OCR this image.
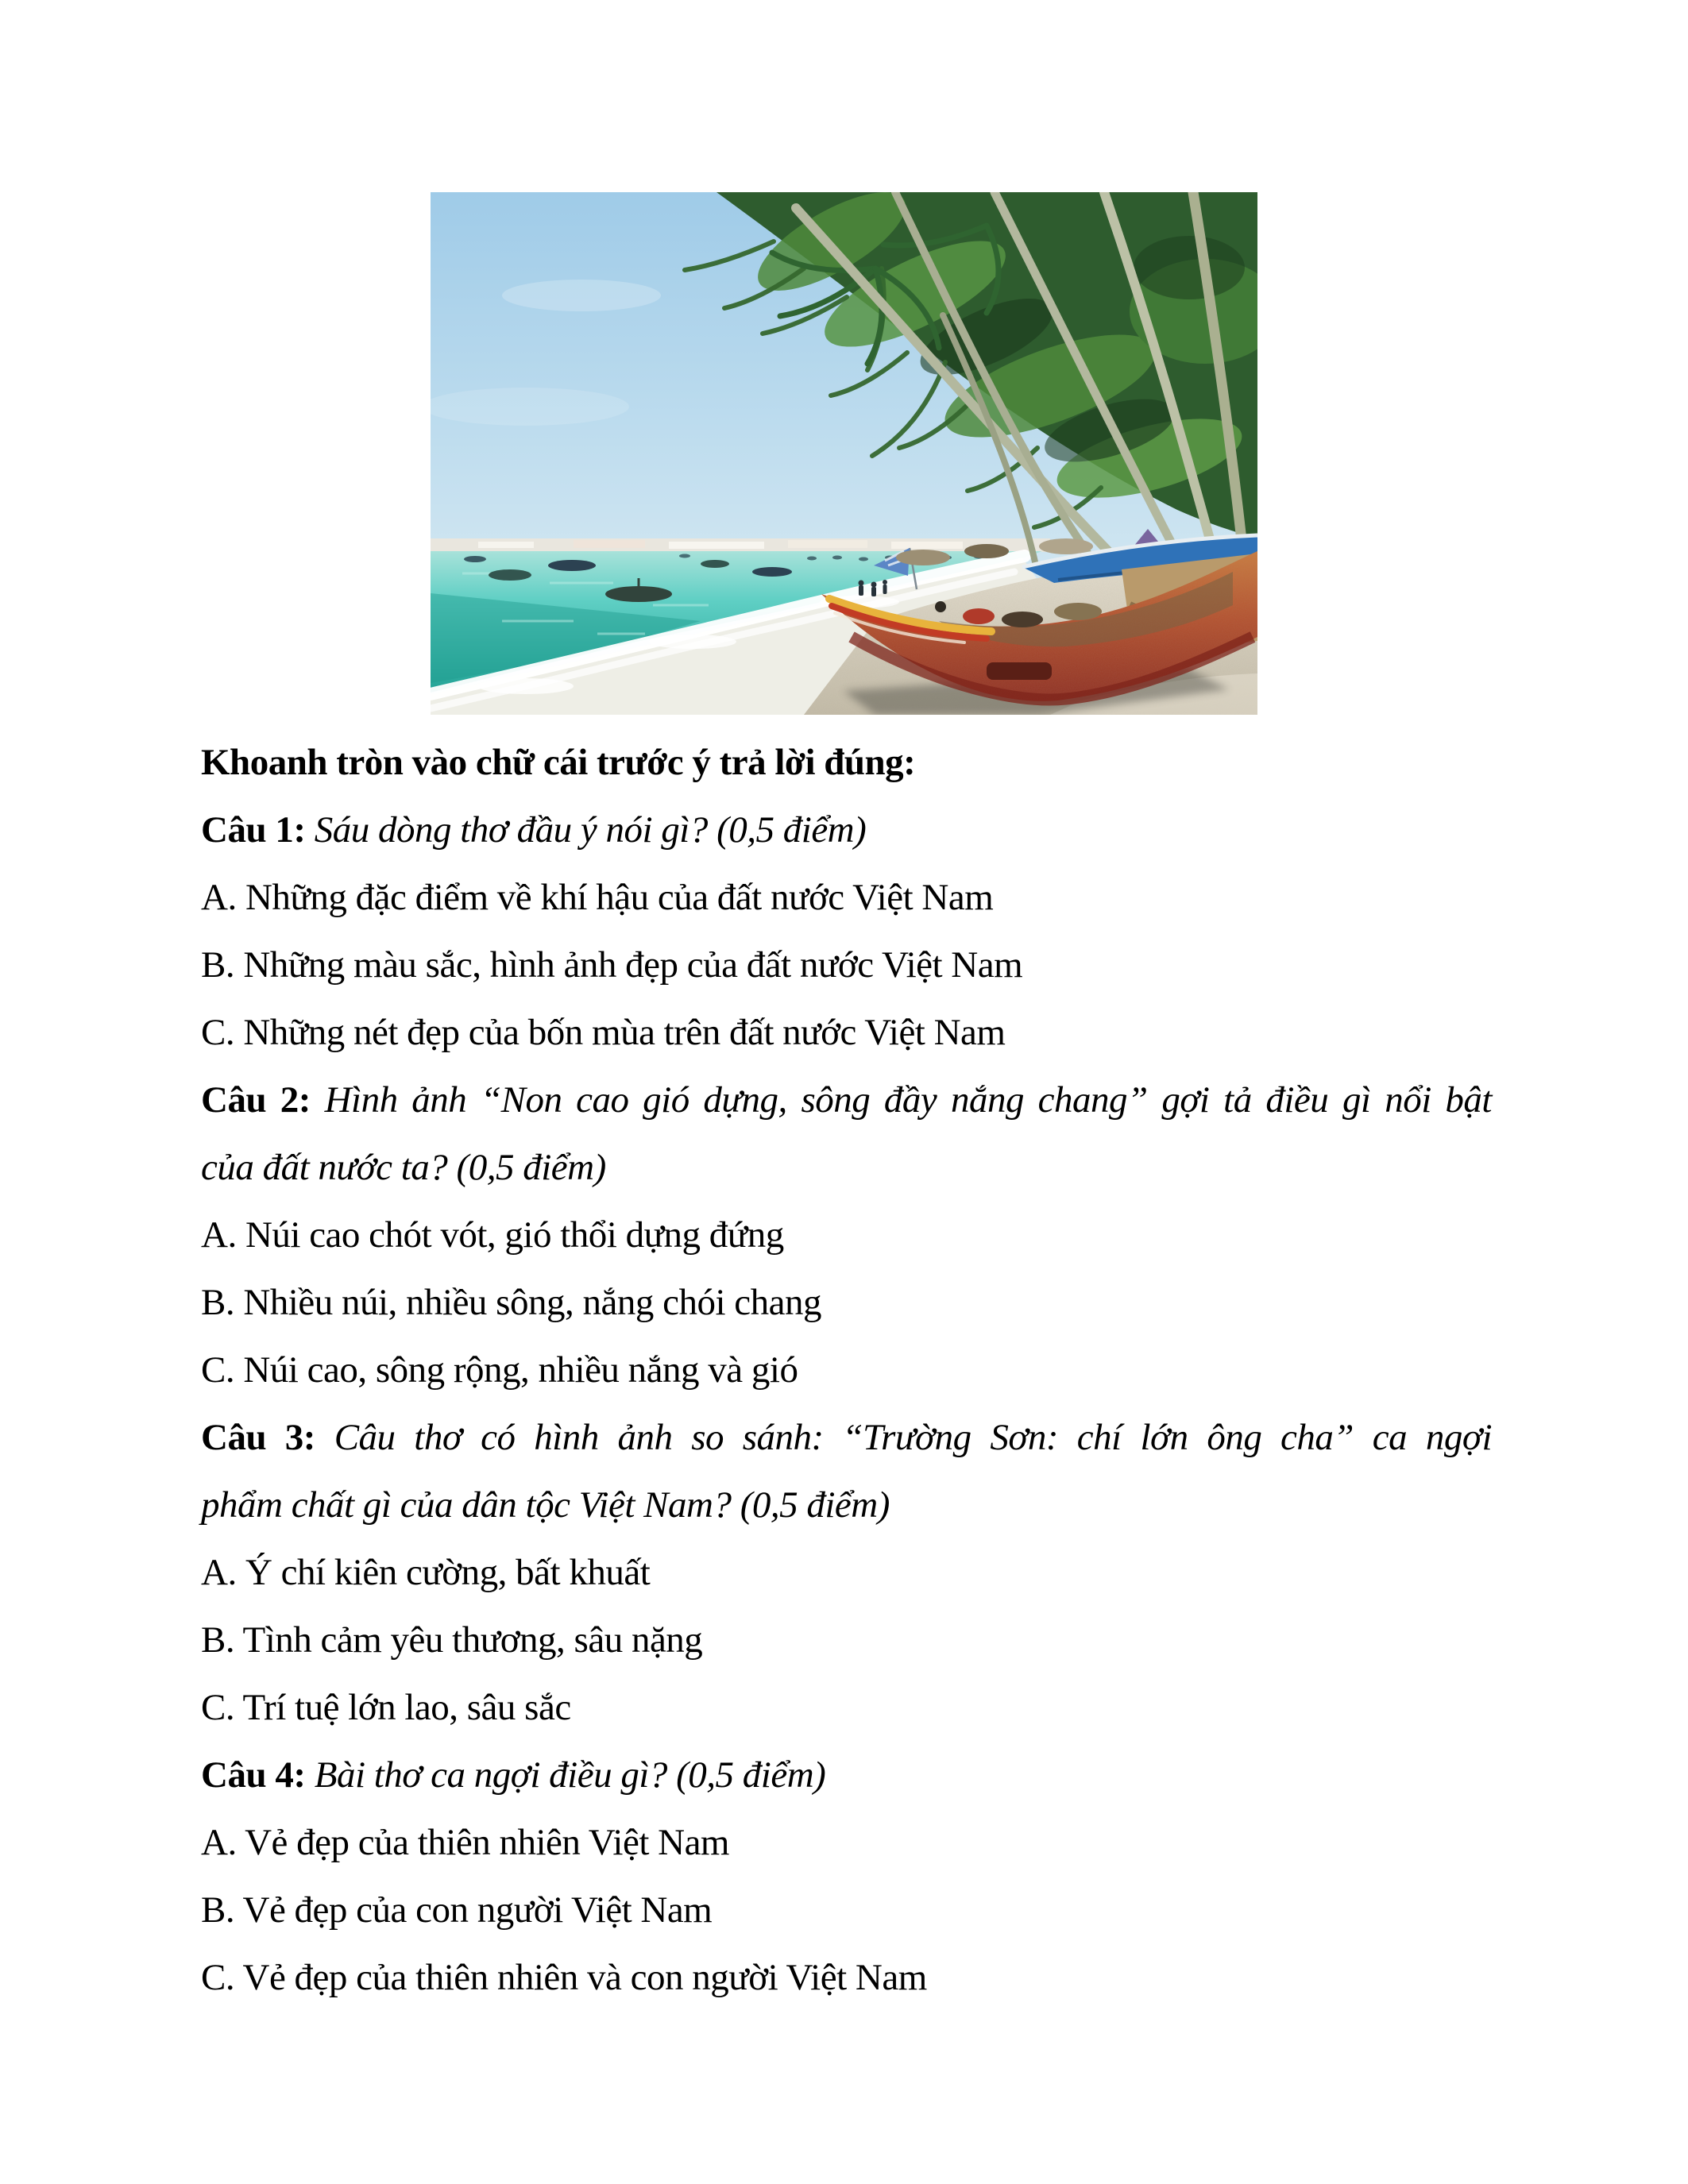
Khoanh tròn vào chữ cái trước ý trả lời đúng:
Câu 1: Sáu dòng thơ đầu ý nói gì? (0,5 điểm)
A. Những đặc điểm về khí hậu của đất nước Việt Nam
B. Những màu sắc, hình ảnh đẹp của đất nước Việt Nam
C. Những nét đẹp của bốn mùa trên đất nước Việt Nam
Câu 2: Hình ảnh “Non cao gió dựng, sông đầy nắng chang” gợi tả điều gì nổi bật
của đất nước ta? (0,5 điểm)
A. Núi cao chót vót, gió thổi dựng đứng
B. Nhiều núi, nhiều sông, nắng chói chang
C. Núi cao, sông rộng, nhiều nắng và gió
Câu 3: Câu thơ có hình ảnh so sánh: “Trường Sơn: chí lớn ông cha” ca ngợi
phẩm chất gì của dân tộc Việt Nam? (0,5 điểm)
A. Ý chí kiên cường, bất khuất
B. Tình cảm yêu thương, sâu nặng
C. Trí tuệ lớn lao, sâu sắc
Câu 4: Bài thơ ca ngợi điều gì? (0,5 điểm)
A. Vẻ đẹp của thiên nhiên Việt Nam
B. Vẻ đẹp của con người Việt Nam
C. Vẻ đẹp của thiên nhiên và con người Việt Nam
